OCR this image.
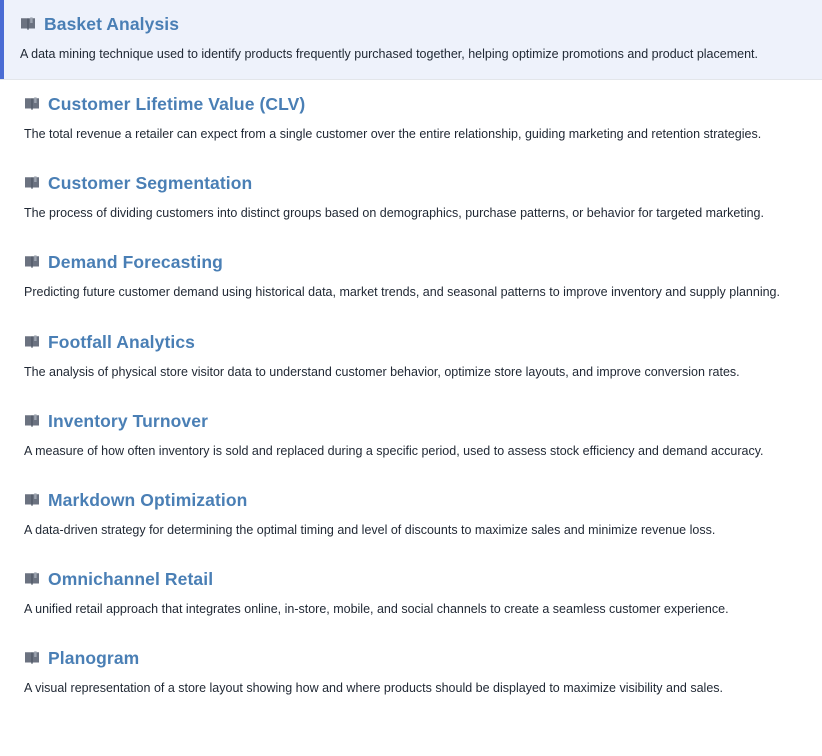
Basket Analysis

A data mining technique used to identify products frequently purchased together, helping optimize promotions and product placement.

Customer Lifetime Value (CLV)

The total revenue a retailer can expect from a single customer over the entire relationship, guiding marketing and retention strategies.

Customer Segmentation

The process of dividing customers into distinct groups based on demographics, purchase patterns, or behavior for targeted marketing.

Demand Forecasting

Predicting future customer demand using historical data, market trends, and seasonal patterns to improve inventory and supply planning.

Footfall Analytics

The analysis of physical store visitor data to understand customer behavior, optimize store layouts, and improve conversion rates.

Inventory Turnover

A measure of how often inventory is sold and replaced during a specific period, used to assess stock efficiency and demand accuracy.

Markdown Optimization

A data-driven strategy for determining the optimal timing and level of discounts to maximize sales and minimize revenue loss.

Omnichannel Retail

A unified retail approach that integrates online, in-store, mobile, and social channels to create a seamless customer experience.

Planogram

A visual representation of a store layout showing how and where products should be displayed to maximize visibility and sales.
